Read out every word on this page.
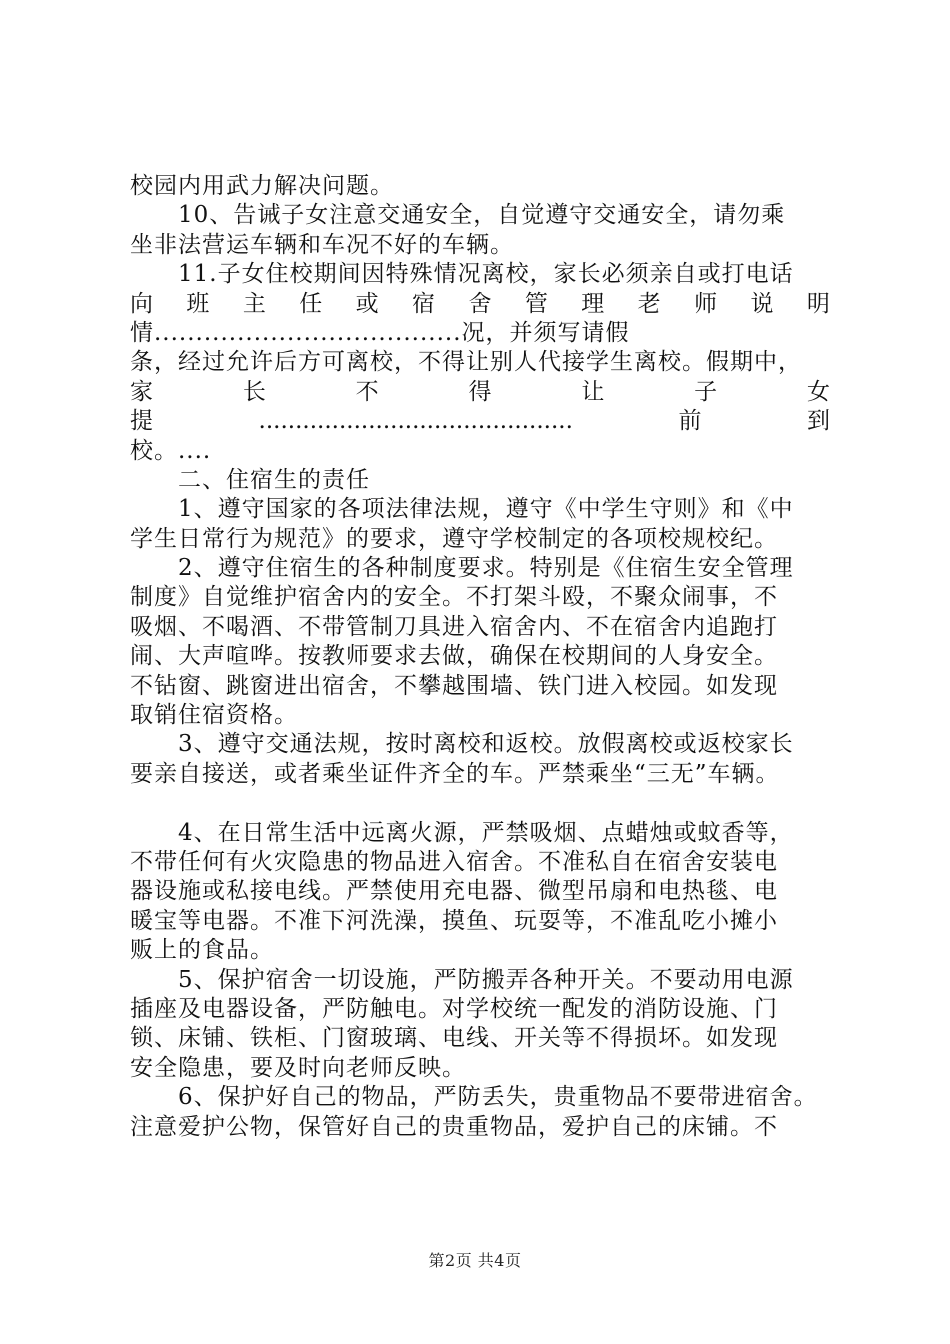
校园内用武力解决问题。
10、告诫子女注意交通安全，自觉遵守交通安全，请勿乘
坐非法营运车辆和车况不好的车辆。
11.子女住校期间因特殊情况离校，家长必须亲自或打电话
向 班 主 任 或 宿 舍 管 理 老 师 说 明
情.....................................况，并须写请假
条，经过允许后方可离校，不得让别人代接学生离校。假期中，
家	长	不	得	让	子	女
提	...........................................	前	到
校。....
二、住宿生的责任
1、遵守国家的各项法律法规，遵守《中学生守则》和《中
学生日常行为规范》的要求，遵守学校制定的各项校规校纪。
2、遵守住宿生的各种制度要求。特别是《住宿生安全管理
制度》自觉维护宿舍内的安全。不打架斗殴，不聚众闹事，不
吸烟、不喝酒、不带管制刀具进入宿舍内、不在宿舍内追跑打
闹、大声喧哗。按教师要求去做，确保在校期间的人身安全。
不钻窗、跳窗进出宿舍，不攀越围墙、铁门进入校园。如发现
取销住宿资格。
3、遵守交通法规，按时离校和返校。放假离校或返校家长
要亲自接送，或者乘坐证件齐全的车。严禁乘坐“三无”车辆。
4、在日常生活中远离火源，严禁吸烟、点蜡烛或蚊香等，
不带任何有火灾隐患的物品进入宿舍。不准私自在宿舍安装电
器设施或私接电线。严禁使用充电器、微型吊扇和电热毯、电
暖宝等电器。不准下河洗澡，摸鱼、玩耍等，不准乱吃小摊小
贩上的食品。
5、保护宿舍一切设施，严防搬弄各种开关。不要动用电源
插座及电器设备，严防触电。对学校统一配发的消防设施、门
锁、床铺、铁柜、门窗玻璃、电线、开关等不得损坏。如发现
安全隐患，要及时向老师反映。
6、保护好自己的物品，严防丢失，贵重物品不要带进宿舍。
注意爱护公物，保管好自己的贵重物品，爱护自己的床铺。不
第2页 共4页
